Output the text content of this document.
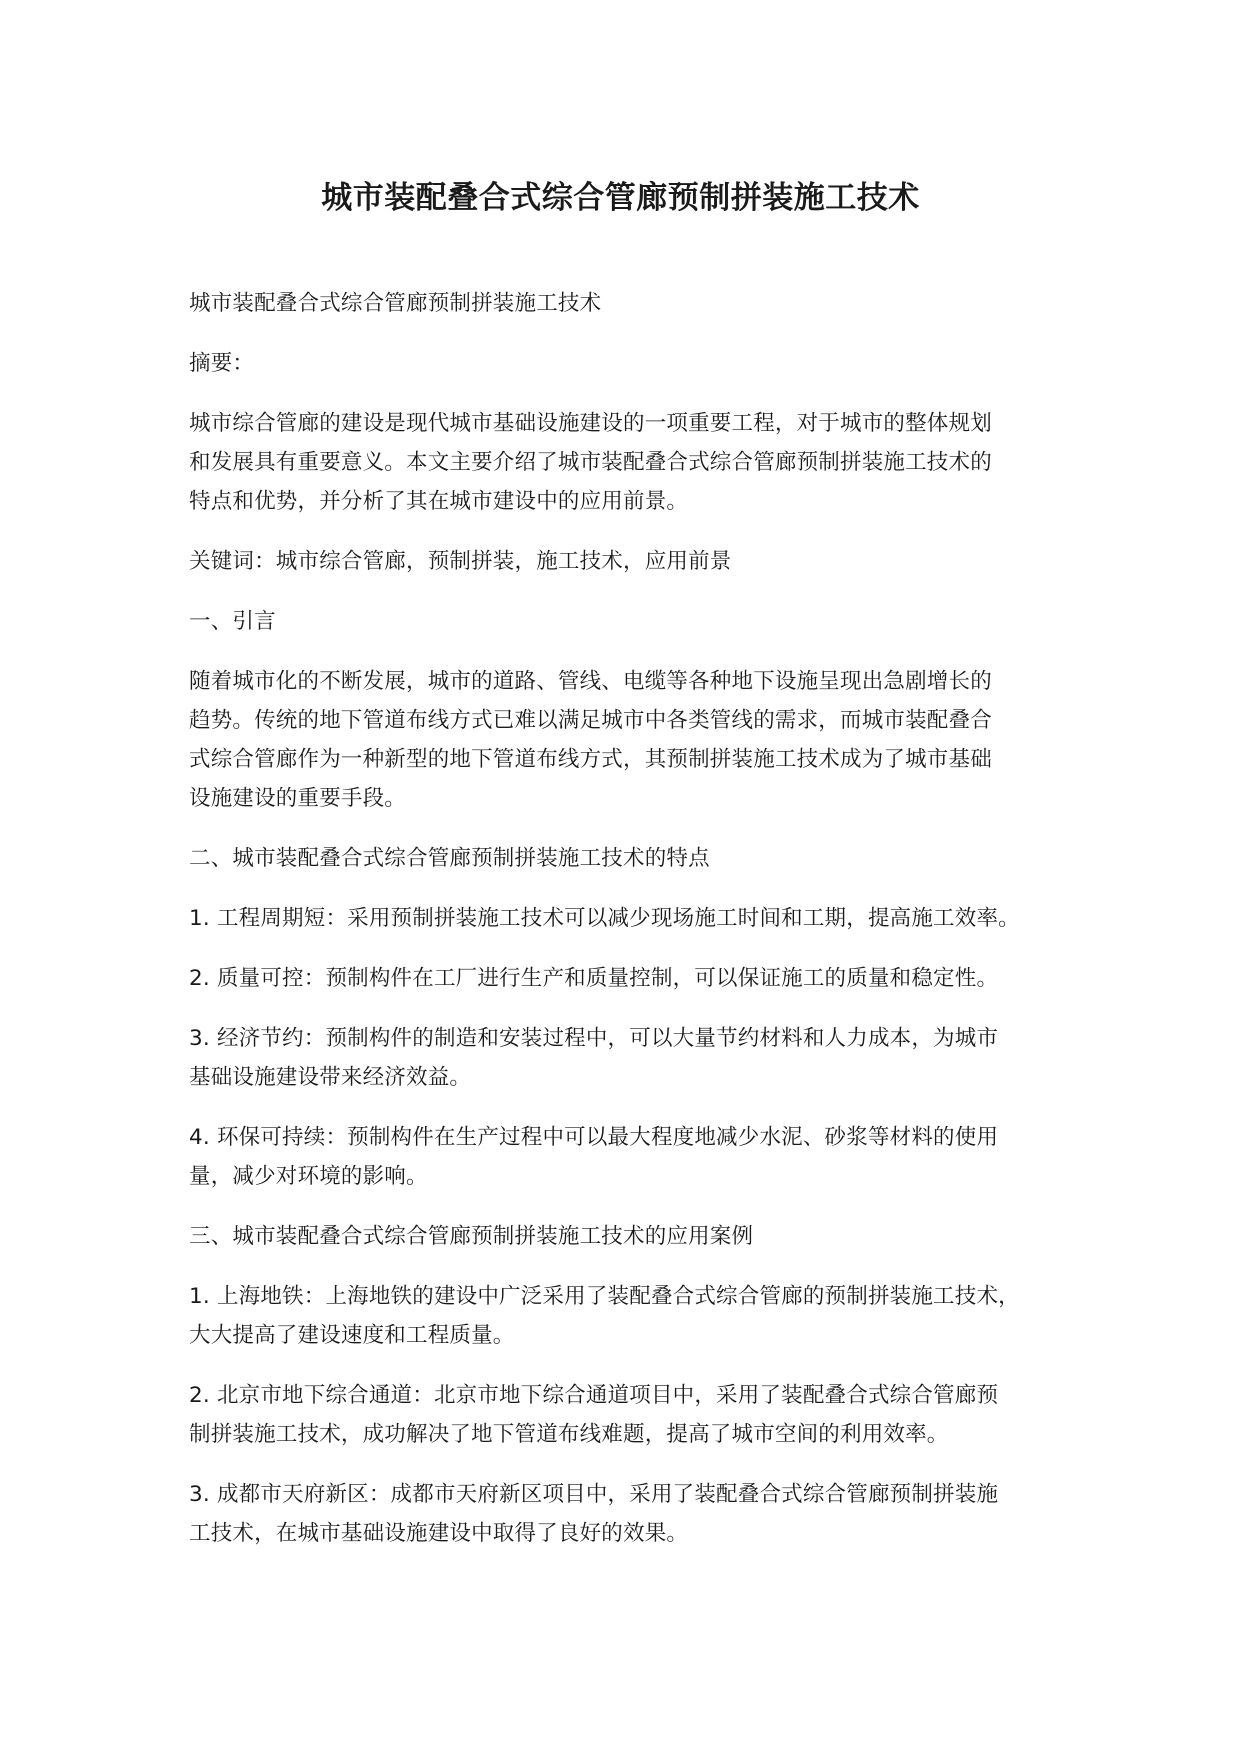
城市装配叠合式综合管廊预制拼装施工技术

城市装配叠合式综合管廊预制拼装施工技术

摘要：

城市综合管廊的建设是现代城市基础设施建设的一项重要工程，对于城市的整体规划
和发展具有重要意义。本文主要介绍了城市装配叠合式综合管廊预制拼装施工技术的
特点和优势，并分析了其在城市建设中的应用前景。

关键词：城市综合管廊，预制拼装，施工技术，应用前景

一、引言

随着城市化的不断发展，城市的道路、管线、电缆等各种地下设施呈现出急剧增长的
趋势。传统的地下管道布线方式已难以满足城市中各类管线的需求，而城市装配叠合
式综合管廊作为一种新型的地下管道布线方式，其预制拼装施工技术成为了城市基础
设施建设的重要手段。

二、城市装配叠合式综合管廊预制拼装施工技术的特点

1. 工程周期短：采用预制拼装施工技术可以减少现场施工时间和工期，提高施工效率。

2. 质量可控：预制构件在工厂进行生产和质量控制，可以保证施工的质量和稳定性。

3. 经济节约：预制构件的制造和安装过程中，可以大量节约材料和人力成本，为城市
基础设施建设带来经济效益。

4. 环保可持续：预制构件在生产过程中可以最大程度地减少水泥、砂浆等材料的使用
量，减少对环境的影响。

三、城市装配叠合式综合管廊预制拼装施工技术的应用案例

1. 上海地铁：上海地铁的建设中广泛采用了装配叠合式综合管廊的预制拼装施工技术，
大大提高了建设速度和工程质量。

2. 北京市地下综合通道：北京市地下综合通道项目中，采用了装配叠合式综合管廊预
制拼装施工技术，成功解决了地下管道布线难题，提高了城市空间的利用效率。

3. 成都市天府新区：成都市天府新区项目中，采用了装配叠合式综合管廊预制拼装施
工技术，在城市基础设施建设中取得了良好的效果。
